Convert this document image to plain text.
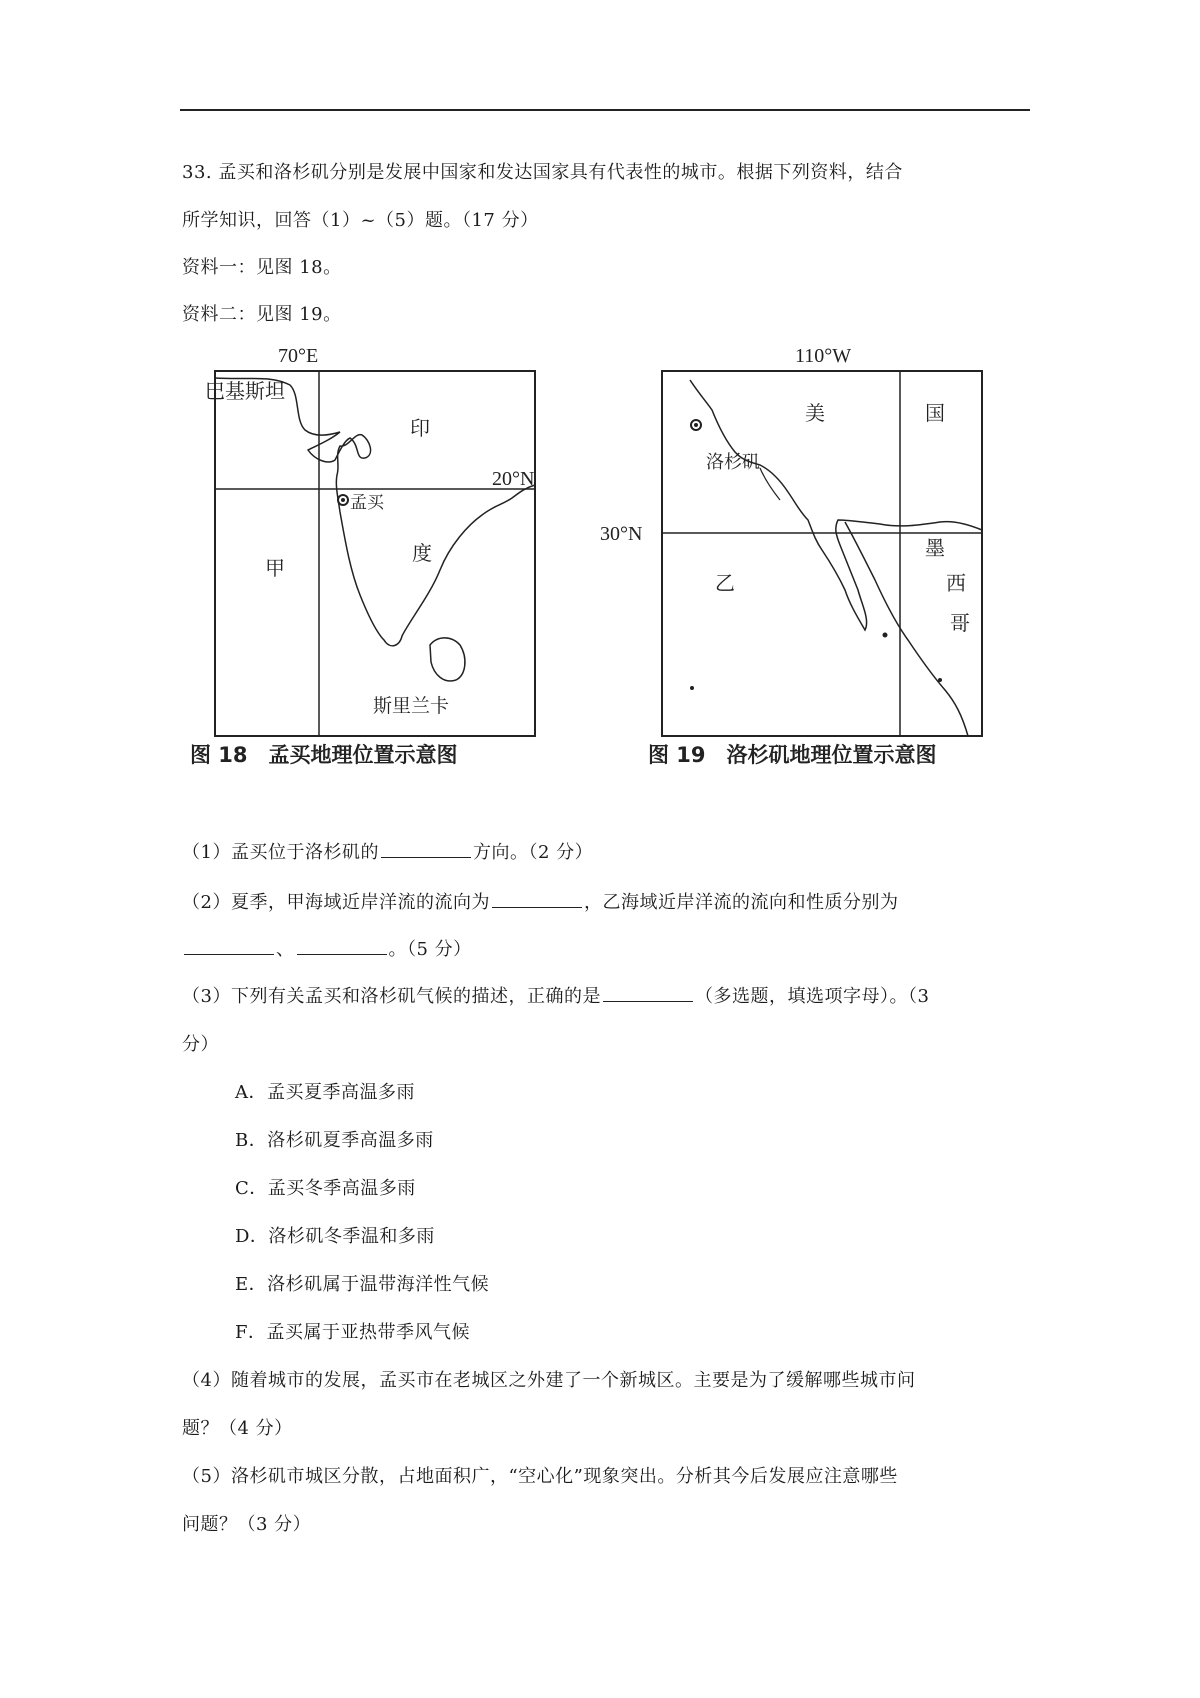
33. 孟买和洛杉矶分别是发展中国家和发达国家具有代表性的城市。根据下列资料，结合
所学知识，回答（1）~（5）题。（17 分）
资料一：见图 18。
资料二：见图 19。
70°E
20°N
巴基斯坦
印
度
甲
孟买
斯里兰卡
图 18　孟买地理位置示意图
110°W
30°N
美	国
洛杉矶
乙
墨
西
哥
图 19　洛杉矶地理位置示意图
（1）孟买位于洛杉矶的	方向。（2 分）
（2）夏季，甲海域近岸洋流的流向为	，乙海域近岸洋流的流向和性质分别为
、	。（5 分）
（3）下列有关孟买和洛杉矶气候的描述，正确的是	（多选题，填选项字母）。（3
分）
A．孟买夏季高温多雨
B．洛杉矶夏季高温多雨
C．孟买冬季高温多雨
D．洛杉矶冬季温和多雨
E．洛杉矶属于温带海洋性气候
F．孟买属于亚热带季风气候
（4）随着城市的发展，孟买市在老城区之外建了一个新城区。主要是为了缓解哪些城市问
题？（4 分）
（5）洛杉矶市城区分散，占地面积广，“空心化”现象突出。分析其今后发展应注意哪些
问题？（3 分）
